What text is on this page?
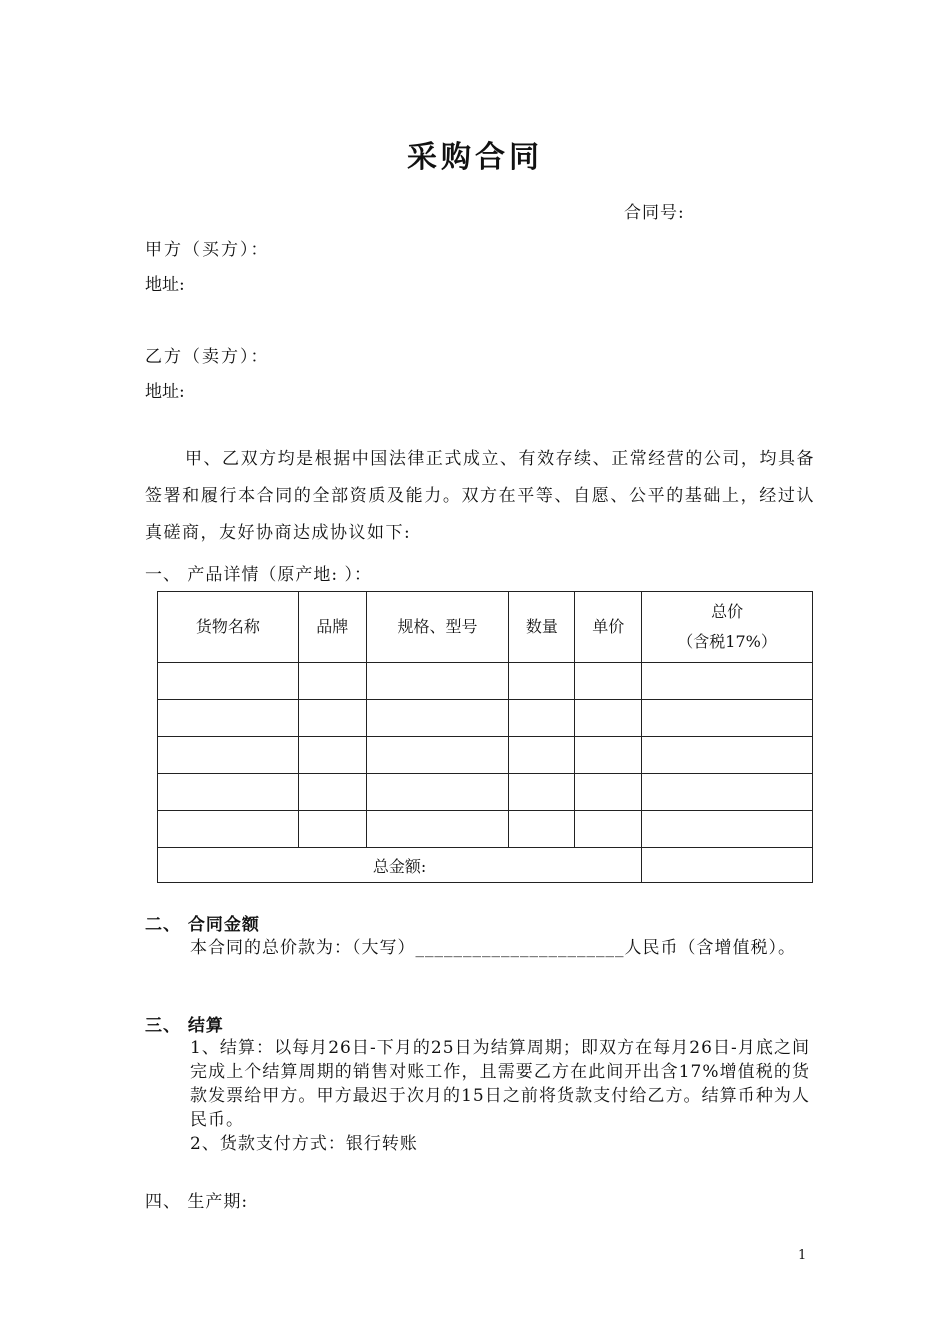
采购合同
合同号:
甲方（买方）：
地址:
乙方（卖方）：
地址:

甲、乙双方均是根据中国法律正式成立、有效存续、正常经营的公司，均具备签署和履行本合同的全部资质及能力。双方在平等、自愿、公平的基础上，经过认真磋商，友好协商达成协议如下:

一、 产品详情（原产地: ）：
货物名称	品牌	规格、型号	数量	单价	总价
（含税17%）

总金额:					
二、 合同金额

本合同的总价款为：（大写）______________________人民币（含增值税）。

三、 结算

1、结算：以每月26日-下月的25日为结算周期；即双方在每月26日-月底之间完成上个结算周期的销售对账工作，且需要乙方在此间开出含17%增值税的货款发票给甲方。甲方最迟于次月的15日之前将货款支付给乙方。结算币种为人民币。

2、货款支付方式：银行转账

四、 生产期:
1
